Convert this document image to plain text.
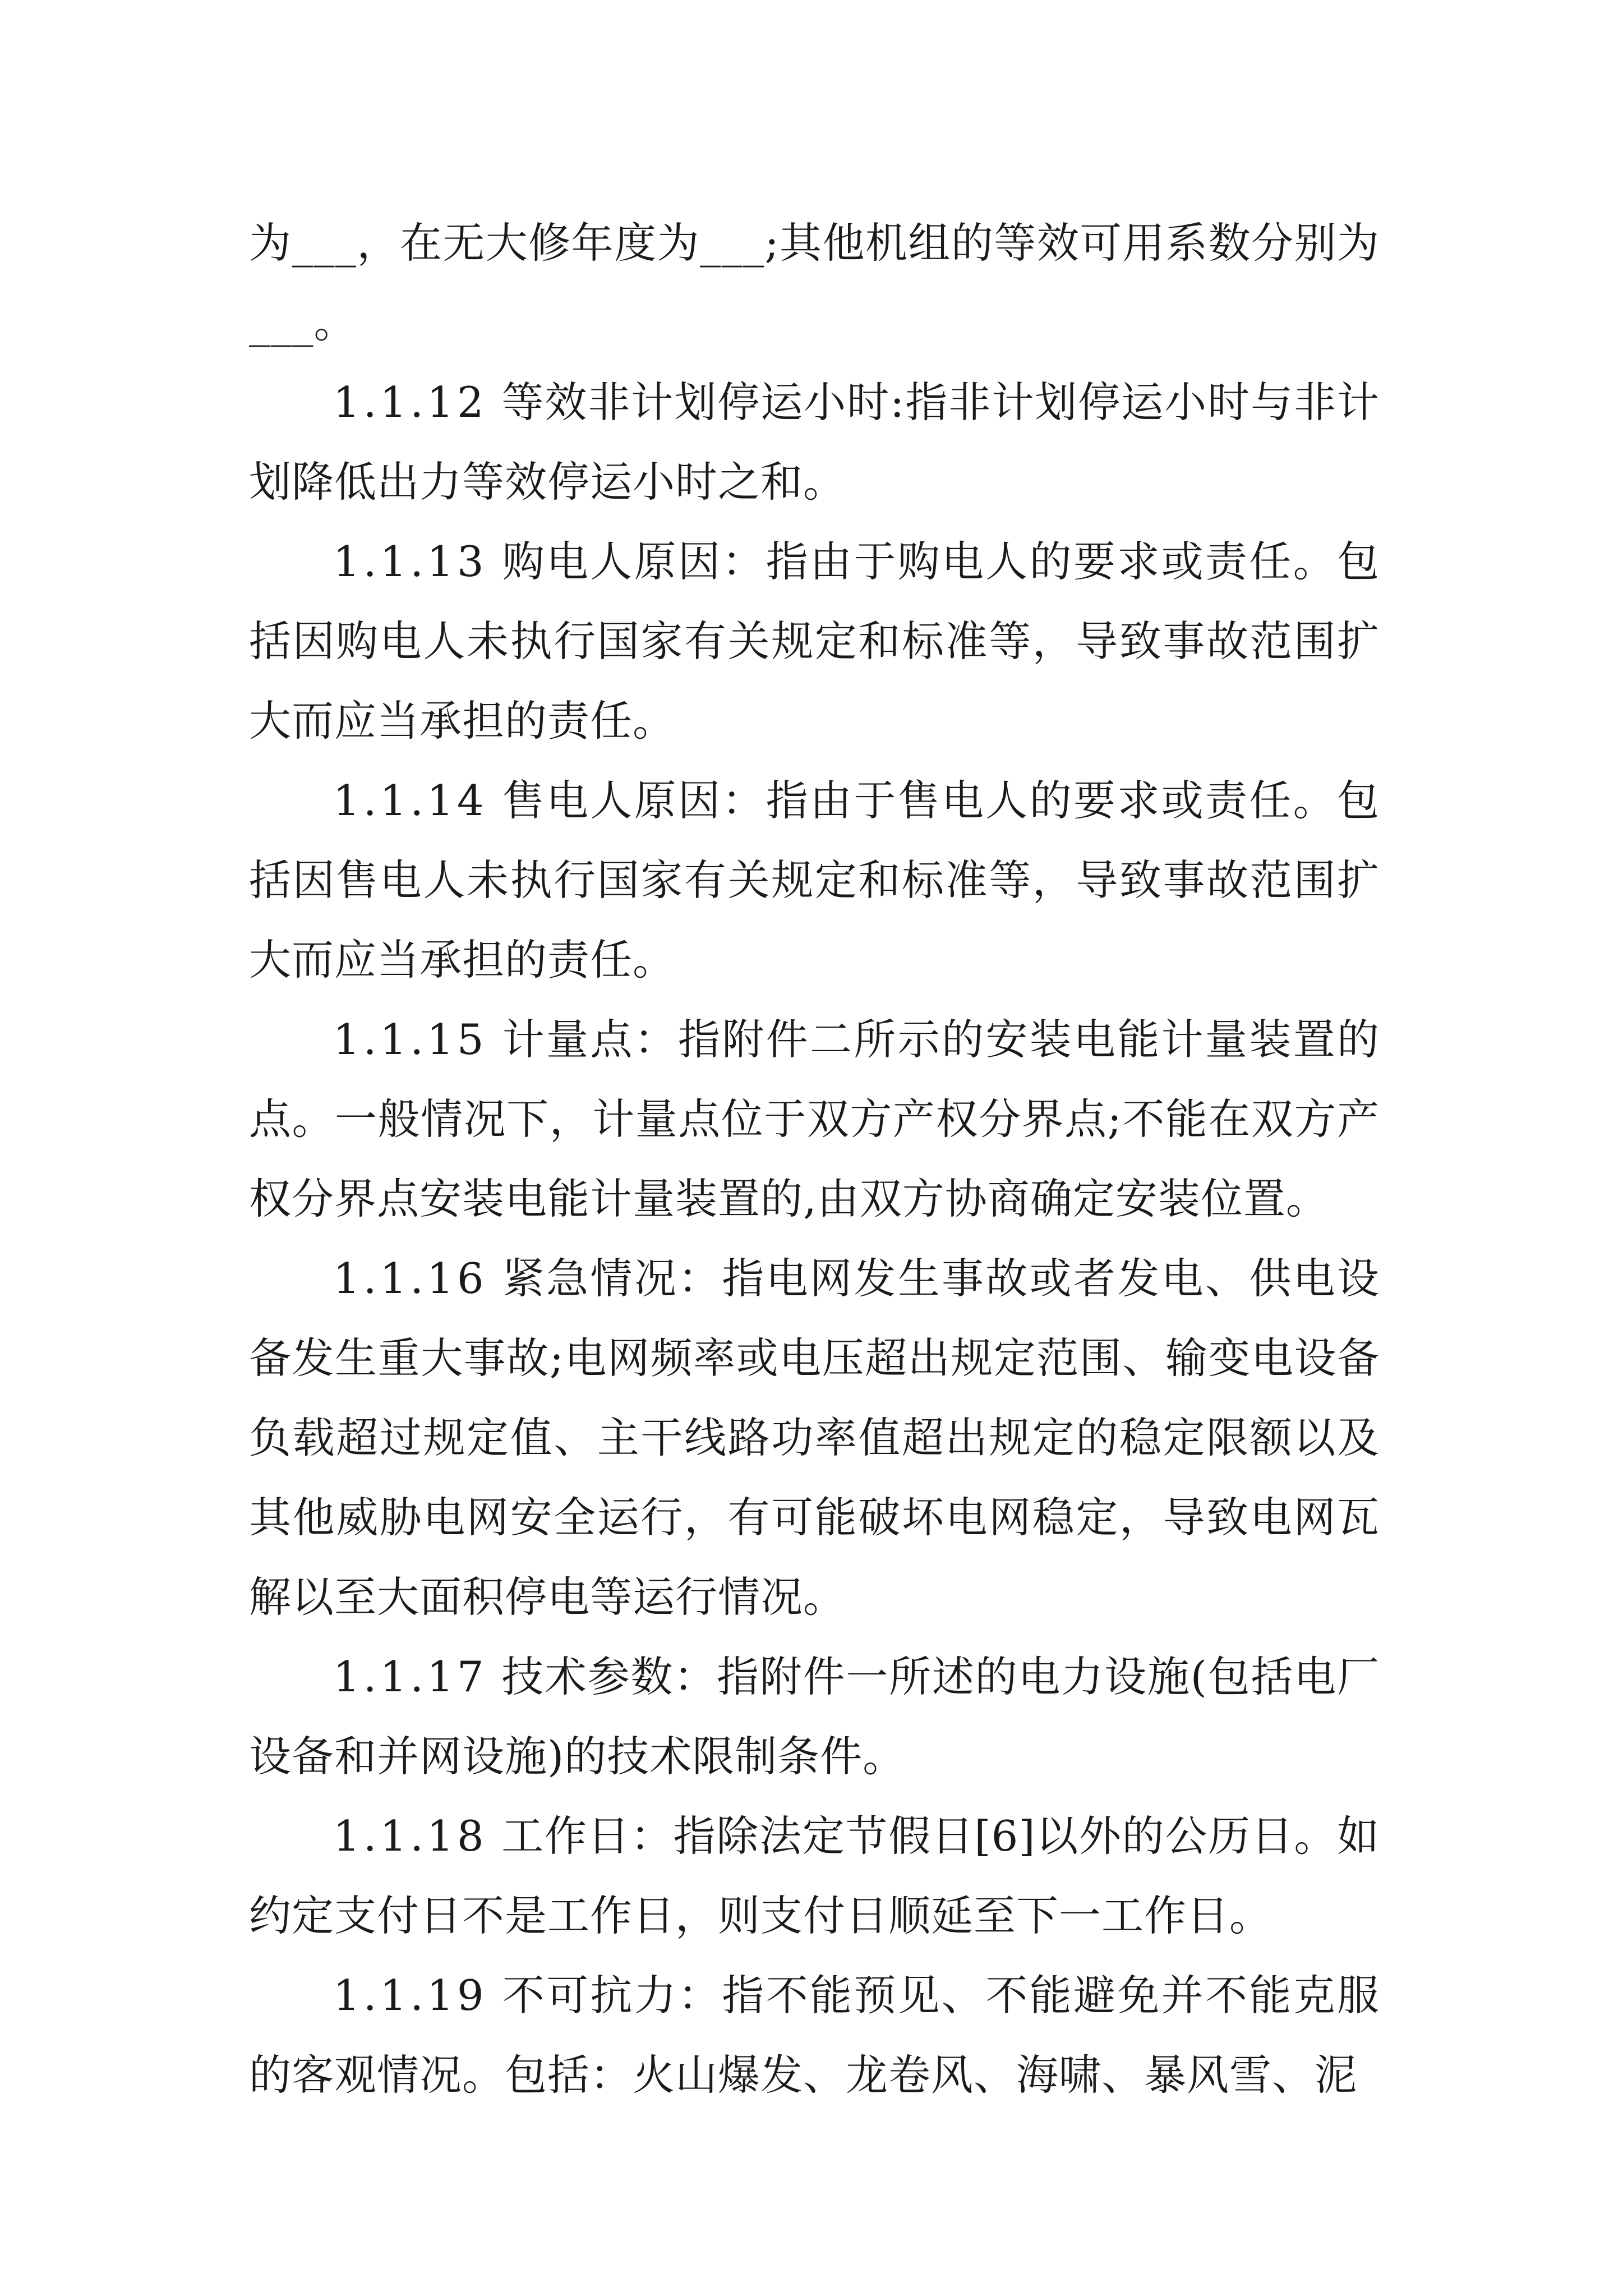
为___，在无大修年度为___;其他机组的等效可用系数分别为 ___。

1.1.12 等效非计划停运小时:指非计划停运小时与非计划降低出力等效停运小时之和。

1.1.13 购电人原因：指由于购电人的要求或责任。包括因购电人未执行国家有关规定和标准等，导致事故范围扩大而应当承担的责任。

1.1.14 售电人原因：指由于售电人的要求或责任。包括因售电人未执行国家有关规定和标准等，导致事故范围扩大而应当承担的责任。

1.1.15 计量点：指附件二所示的安装电能计量装置的点。一般情况下，计量点位于双方产权分界点;不能在双方产权分界点安装电能计量装置的,由双方协商确定安装位置。

1.1.16 紧急情况：指电网发生事故或者发电、供电设备发生重大事故;电网频率或电压超出规定范围、输变电设备负载超过规定值、主干线路功率值超出规定的稳定限额以及其他威胁电网安全运行，有可能破坏电网稳定，导致电网瓦解以至大面积停电等运行情况。

1.1.17 技术参数：指附件一所述的电力设施(包括电厂设备和并网设施)的技术限制条件。

1.1.18 工作日：指除法定节假日[6]以外的公历日。如约定支付日不是工作日，则支付日顺延至下一工作日。

1.1.19 不可抗力：指不能预见、不能避免并不能克服的客观情况。包括：火山爆发、龙卷风、海啸、暴风雪、泥
